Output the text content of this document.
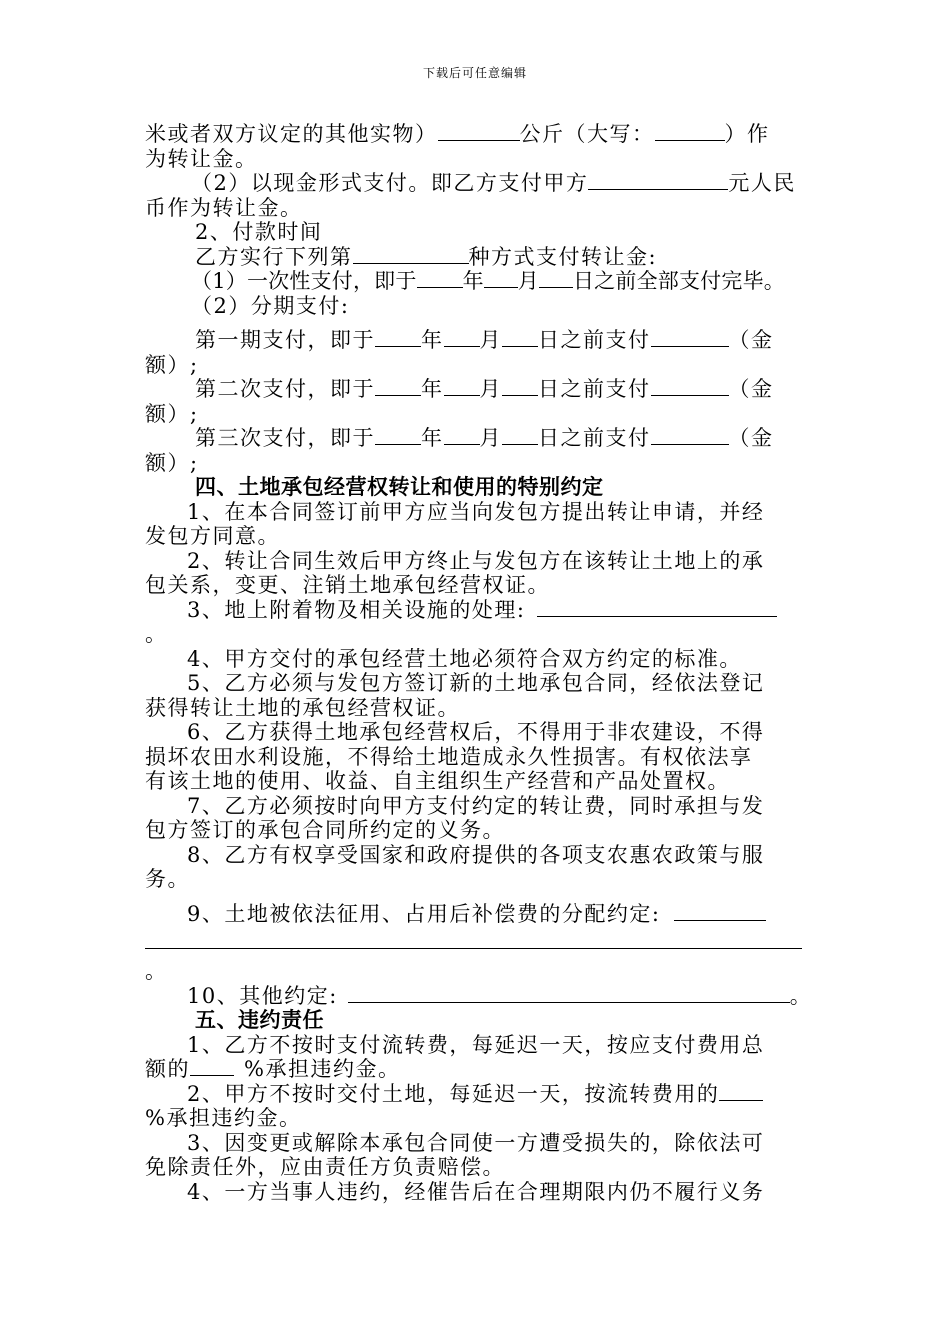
下载后可任意编辑
米或者双方议定的其他实物）	公斤（大写：	）作
为转让金。
（2）以现金形式支付。即乙方支付甲方	元人民
币作为转让金。
2、付款时间
乙方实行下列第	种方式支付转让金:
（1）一次性支付，即于 年 月 日之前全部支付完毕。
（2）分期支付:
第一期支付，即于 年 月 日之前支付	（金
额）;
第二次支付，即于 年 月 日之前支付	（金
额）;
第三次支付，即于 年 月 日之前支付	（金
额）;
四、土地承包经营权转让和使用的特别约定
1、在本合同签订前甲方应当向发包方提出转让申请，并经
发包方同意。
2、转让合同生效后甲方终止与发包方在该转让土地上的承
包关系，变更、注销土地承包经营权证。
3、地上附着物及相关设施的处理:
。
4、甲方交付的承包经营土地必须符合双方约定的标准。
5、乙方必须与发包方签订新的土地承包合同，经依法登记
获得转让土地的承包经营权证。
6、乙方获得土地承包经营权后，不得用于非农建设，不得
损坏农田水利设施，不得给土地造成永久性损害。有权依法享
有该土地的使用、收益、自主组织生产经营和产品处置权。
7、乙方必须按时向甲方支付约定的转让费，同时承担与发
包方签订的承包合同所约定的义务。
8、乙方有权享受国家和政府提供的各项支农惠农政策与服
务。
9、土地被依法征用、占用后补偿费的分配约定:
。
10、其他约定:	。
五、违约责任
1、乙方不按时支付流转费，每延迟一天，按应支付费用总
额的	%承担违约金。
2、甲方不按时交付土地，每延迟一天，按流转费用的
%承担违约金。
3、因变更或解除本承包合同使一方遭受损失的，除依法可
免除责任外，应由责任方负责赔偿。
4、一方当事人违约，经催告后在合理期限内仍不履行义务
